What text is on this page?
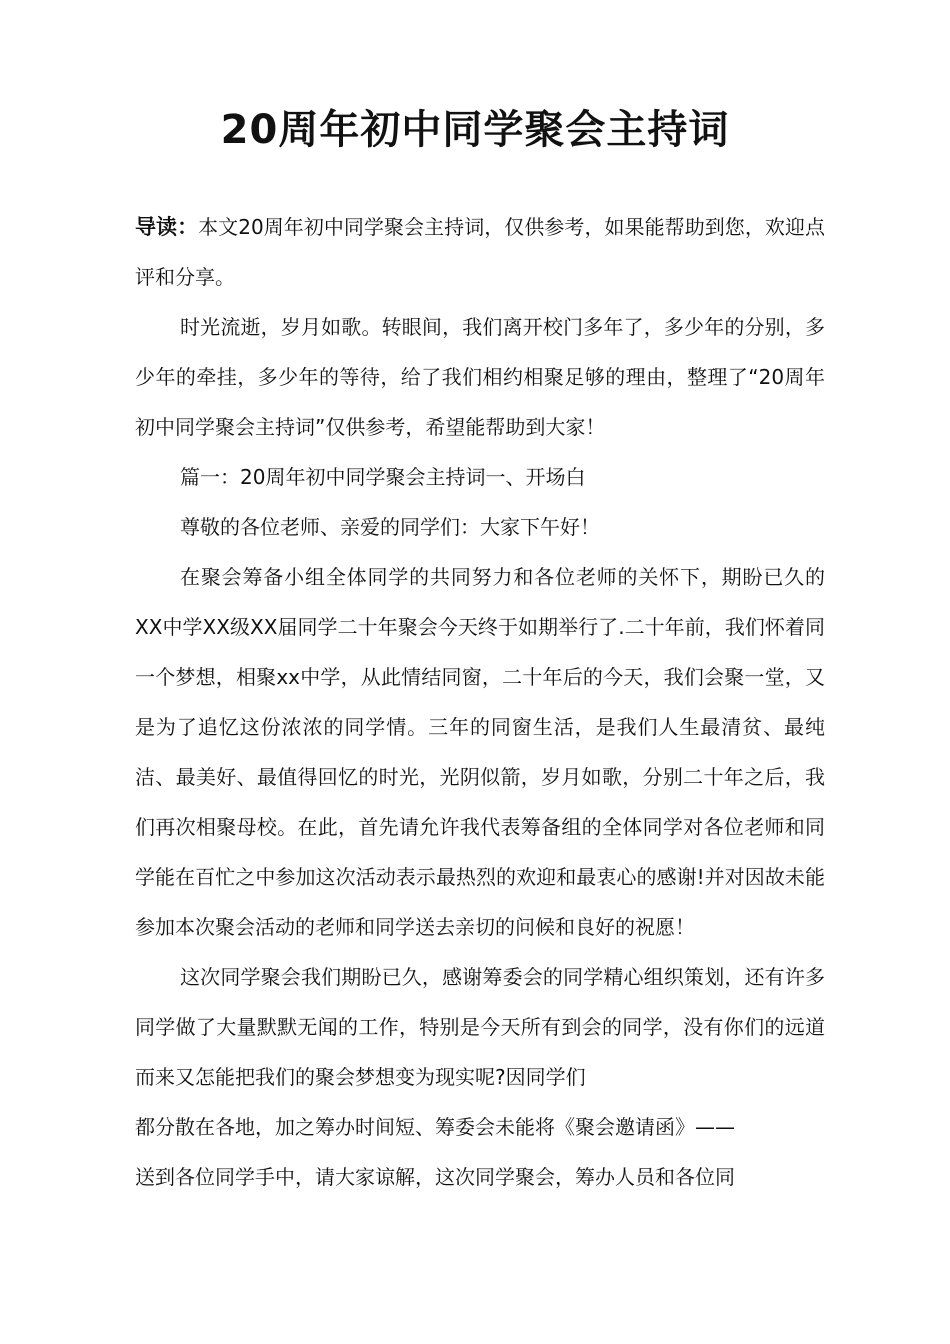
20周年初中同学聚会主持词

导读：本文20周年初中同学聚会主持词，仅供参考，如果能帮助到您，欢迎点评和分享。

时光流逝，岁月如歌。转眼间，我们离开校门多年了，多少年的分别，多少年的牵挂，多少年的等待，给了我们相约相聚足够的理由，整理了“20周年初中同学聚会主持词”仅供参考，希望能帮助到大家！

篇一：20周年初中同学聚会主持词一、开场白

尊敬的各位老师、亲爱的同学们：大家下午好！

在聚会筹备小组全体同学的共同努力和各位老师的关怀下，期盼已久的XX中学XX级XX届同学二十年聚会今天终于如期举行了.二十年前，我们怀着同一个梦想，相聚xx中学，从此情结同窗，二十年后的今天，我们会聚一堂，又是为了追忆这份浓浓的同学情。三年的同窗生活，是我们人生最清贫、最纯洁、最美好、最值得回忆的时光，光阴似箭，岁月如歌，分别二十年之后，我们再次相聚母校。在此，首先请允许我代表筹备组的全体同学对各位老师和同学能在百忙之中参加这次活动表示最热烈的欢迎和最衷心的感谢!并对因故未能参加本次聚会活动的老师和同学送去亲切的问候和良好的祝愿！

这次同学聚会我们期盼已久，感谢筹委会的同学精心组织策划，还有许多同学做了大量默默无闻的工作，特别是今天所有到会的同学，没有你们的远道而来又怎能把我们的聚会梦想变为现实呢?因同学们

都分散在各地，加之筹办时间短、筹委会未能将《聚会邀请函》——

送到各位同学手中，请大家谅解，这次同学聚会，筹办人员和各位同
